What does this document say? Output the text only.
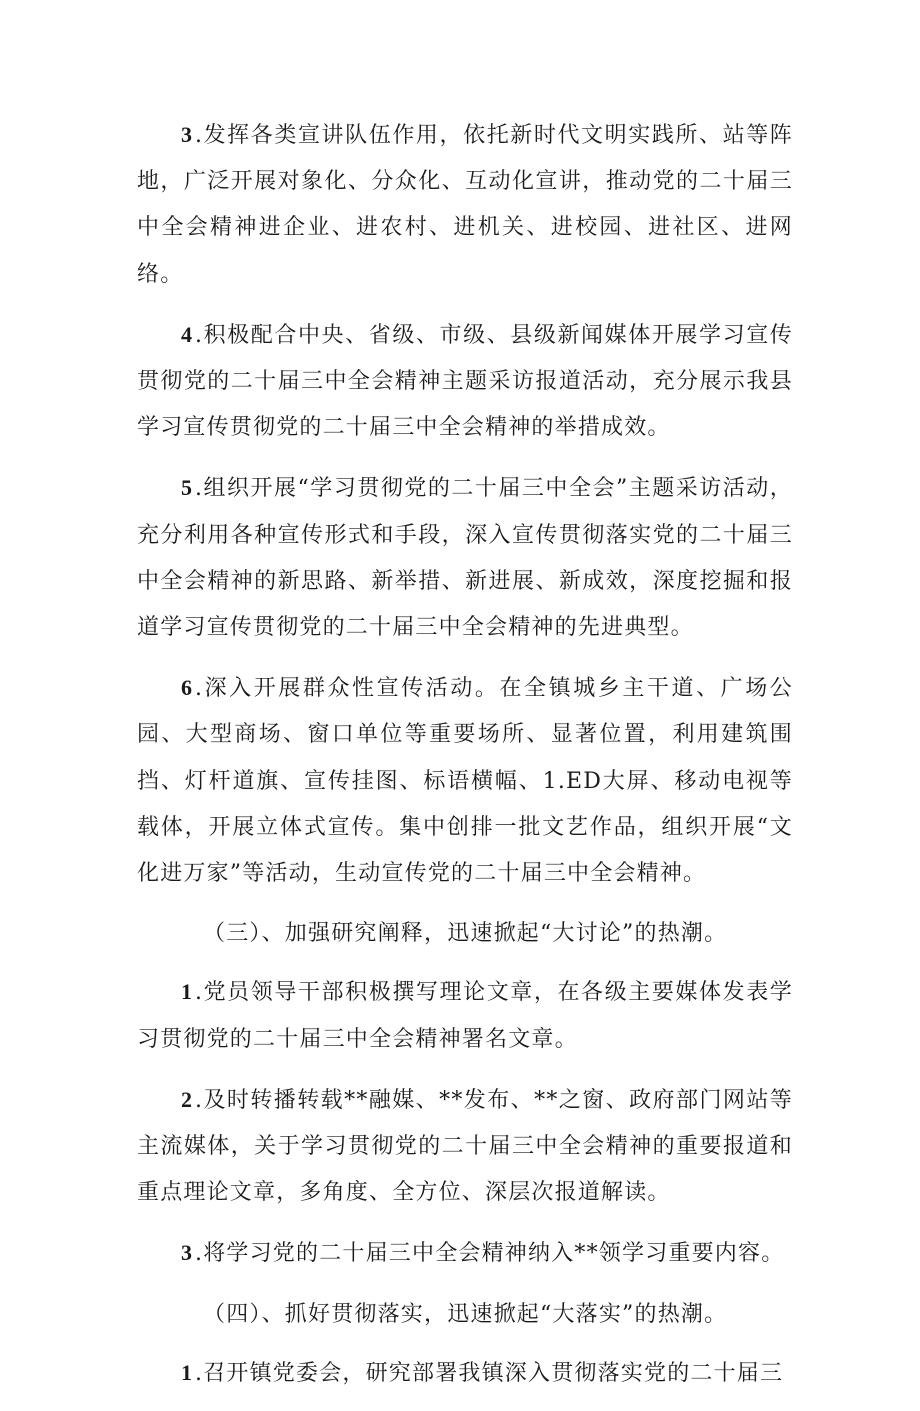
3.发挥各类宣讲队伍作用，依托新时代文明实践所、站等阵地，广泛开展对象化、分众化、互动化宣讲，推动党的二十届三中全会精神进企业、进农村、进机关、进校园、进社区、进网络。

4.积极配合中央、省级、市级、县级新闻媒体开展学习宣传贯彻党的二十届三中全会精神主题采访报道活动，充分展示我县学习宣传贯彻党的二十届三中全会精神的举措成效。

5.组织开展“学习贯彻党的二十届三中全会”主题采访活动，充分利用各种宣传形式和手段，深入宣传贯彻落实党的二十届三中全会精神的新思路、新举措、新进展、新成效，深度挖掘和报道学习宣传贯彻党的二十届三中全会精神的先进典型。

6.深入开展群众性宣传活动。在全镇城乡主干道、广场公园、大型商场、窗口单位等重要场所、显著位置，利用建筑围挡、灯杆道旗、宣传挂图、标语横幅、1.ED大屏、移动电视等载体，开展立体式宣传。集中创排一批文艺作品，组织开展“文化进万家”等活动，生动宣传党的二十届三中全会精神。

（三）、加强研究阐释，迅速掀起“大讨论”的热潮。

1.党员领导干部积极撰写理论文章，在各级主要媒体发表学习贯彻党的二十届三中全会精神署名文章。

2.及时转播转载**融媒、**发布、**之窗、政府部门网站等主流媒体，关于学习贯彻党的二十届三中全会精神的重要报道和重点理论文章，多角度、全方位、深层次报道解读。

3.将学习党的二十届三中全会精神纳入**领学习重要内容。

（四）、抓好贯彻落实，迅速掀起“大落实”的热潮。

1.召开镇党委会，研究部署我镇深入贯彻落实党的二十届三
